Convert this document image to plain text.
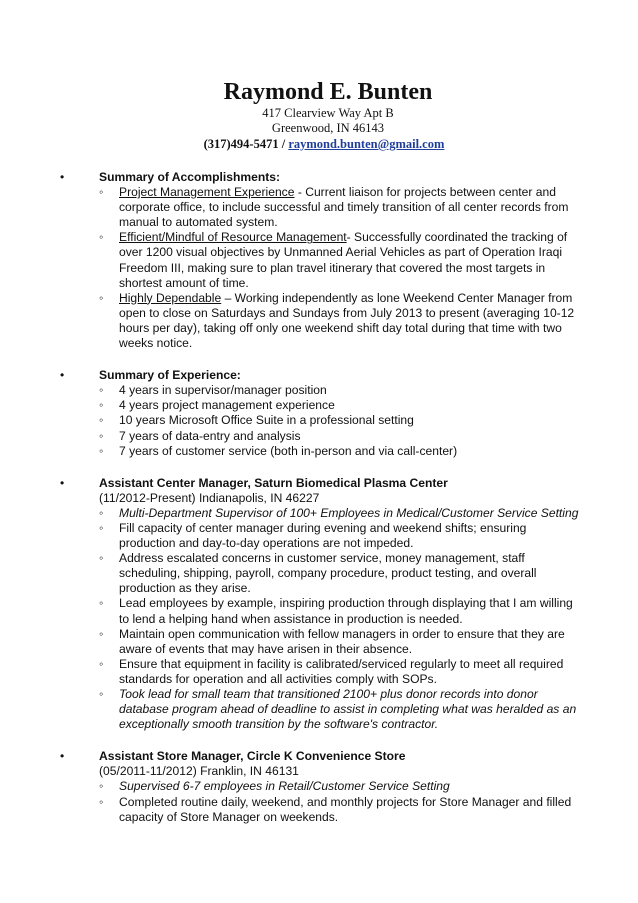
Raymond E. Bunten
417 Clearview Way Apt B
Greenwood, IN 46143
(317)494-5471 / raymond.bunten@gmail.com
•	Summary of Accomplishments:
◦ Project Management Experience - Current liaison for projects between center and corporate office, to include successful and timely transition of all center records from manual to automated system.
◦ Efficient/Mindful of Resource Management- Successfully coordinated the tracking of over 1200 visual objectives by Unmanned Aerial Vehicles as part of Operation Iraqi Freedom III, making sure to plan travel itinerary that covered the most targets in shortest amount of time.
◦ Highly Dependable – Working independently as lone Weekend Center Manager from open to close on Saturdays and Sundays from July 2013 to present (averaging 10-12 hours per day), taking off only one weekend shift day total during that time with two weeks notice.
•	Summary of Experience:
◦ 4 years in supervisor/manager position
◦ 4 years project management experience
◦ 10 years Microsoft Office Suite in a professional setting
◦ 7 years of data-entry and analysis
◦ 7 years of customer service (both in-person and via call-center)
•	Assistant Center Manager, Saturn Biomedical Plasma Center
(11/2012-Present) Indianapolis, IN 46227
◦ Multi-Department Supervisor of 100+ Employees in Medical/Customer Service Setting
◦ Fill capacity of center manager during evening and weekend shifts; ensuring production and day-to-day operations are not impeded.
◦ Address escalated concerns in customer service, money management, staff scheduling, shipping, payroll, company procedure, product testing, and overall production as they arise.
◦ Lead employees by example, inspiring production through displaying that I am willing to lend a helping hand when assistance in production is needed.
◦ Maintain open communication with fellow managers in order to ensure that they are aware of events that may have arisen in their absence.
◦ Ensure that equipment in facility is calibrated/serviced regularly to meet all required standards for operation and all activities comply with SOPs.
◦ Took lead for small team that transitioned 2100+ plus donor records into donor database program ahead of deadline to assist in completing what was heralded as an exceptionally smooth transition by the software's contractor.
•	Assistant Store Manager, Circle K Convenience Store
(05/2011-11/2012) Franklin, IN 46131
◦ Supervised 6-7 employees in Retail/Customer Service Setting
◦ Completed routine daily, weekend, and monthly projects for Store Manager and filled capacity of Store Manager on weekends.
